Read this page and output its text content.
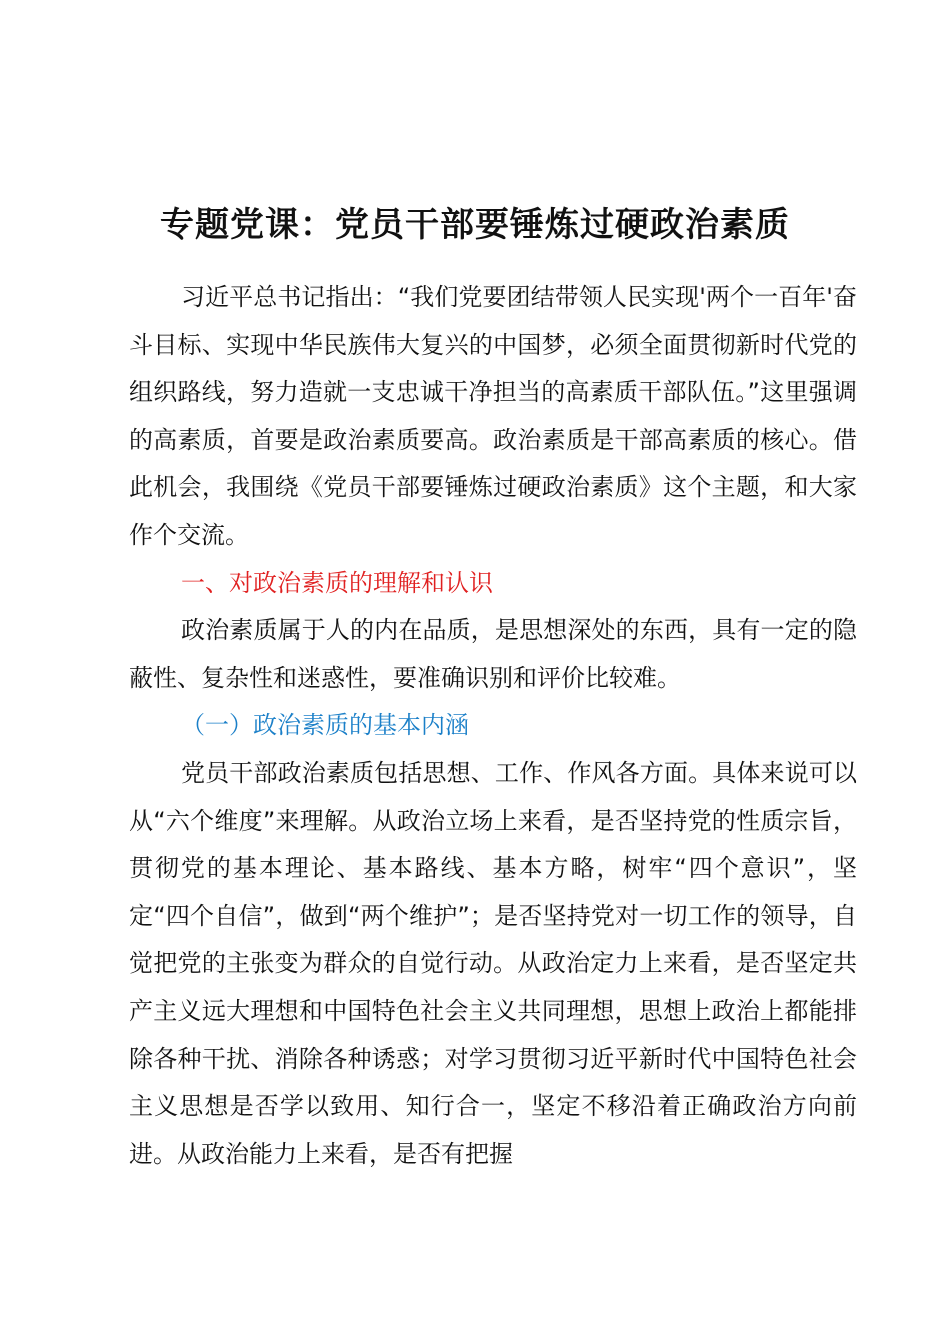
专题党课：党员干部要锤炼过硬政治素质

习近平总书记指出：“我们党要团结带领人民实现'两个一百年'奋斗目标、实现中华民族伟大复兴的中国梦，必须全面贯彻新时代党的组织路线，努力造就一支忠诚干净担当的高素质干部队伍。”这里强调的高素质，首要是政治素质要高。政治素质是干部高素质的核心。借此机会，我围绕《党员干部要锤炼过硬政治素质》这个主题，和大家作个交流。

一、对政治素质的理解和认识

政治素质属于人的内在品质，是思想深处的东西，具有一定的隐蔽性、复杂性和迷惑性，要准确识别和评价比较难。

（一）政治素质的基本内涵

党员干部政治素质包括思想、工作、作风各方面。具体来说可以从“六个维度”来理解。从政治立场上来看，是否坚持党的性质宗旨，贯彻党的基本理论、基本路线、基本方略，树牢“四个意识”，坚定“四个自信”，做到“两个维护”；是否坚持党对一切工作的领导，自觉把党的主张变为群众的自觉行动。从政治定力上来看，是否坚定共产主义远大理想和中国特色社会主义共同理想，思想上政治上都能排除各种干扰、消除各种诱惑；对学习贯彻习近平新时代中国特色社会主义思想是否学以致用、知行合一，坚定不移沿着正确政治方向前进。从政治能力上来看，是否有把握
